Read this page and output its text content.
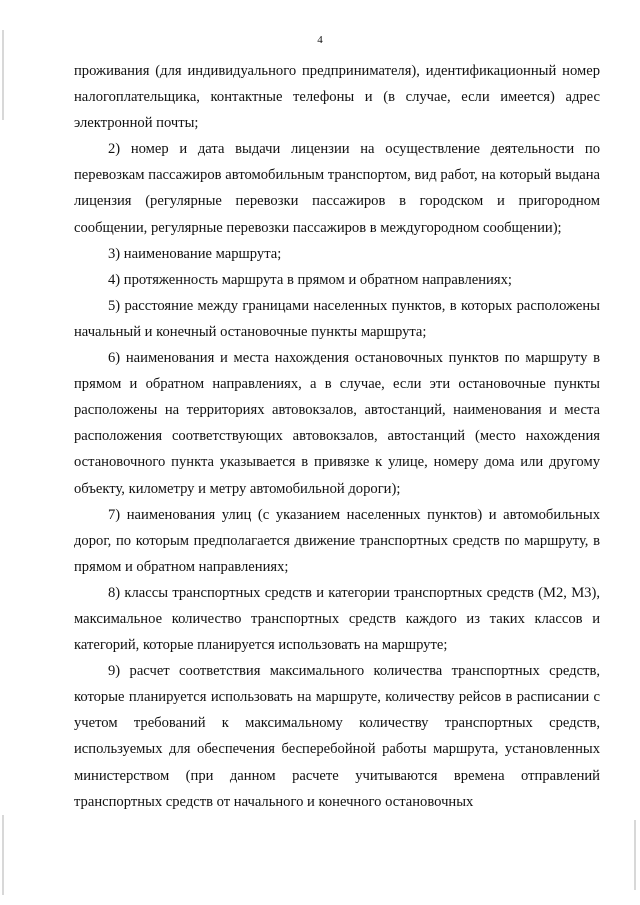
4

проживания (для индивидуального предпринимателя), идентификационный номер налогоплательщика, контактные телефоны и (в случае, если имеется) адрес электронной почты;

2) номер и дата выдачи лицензии на осуществление деятельности по перевозкам пассажиров автомобильным транспортом, вид работ, на который выдана лицензия (регулярные перевозки пассажиров в городском и пригородном сообщении, регулярные перевозки пассажиров в междугородном сообщении);

3) наименование маршрута;

4) протяженность маршрута в прямом и обратном направлениях;

5) расстояние между границами населенных пунктов, в которых расположены начальный и конечный остановочные пункты маршрута;

6) наименования и места нахождения остановочных пунктов по маршруту в прямом и обратном направлениях, а в случае, если эти остановочные пункты расположены на территориях автовокзалов, автостанций, наименования и места расположения соответствующих автовокзалов, автостанций (место нахождения остановочного пункта указывается в привязке к улице, номеру дома или другому объекту, километру и метру автомобильной дороги);

7) наименования улиц (с указанием населенных пунктов) и автомобильных дорог, по которым предполагается движение транспортных средств по маршруту, в прямом и обратном направлениях;

8) классы транспортных средств и категории транспортных средств (М2, М3), максимальное количество транспортных средств каждого из таких классов и категорий, которые планируется использовать на маршруте;

9) расчет соответствия максимального количества транспортных средств, которые планируется использовать на маршруте, количеству рейсов в расписании с учетом требований к максимальному количеству транспортных средств, используемых для обеспечения бесперебойной работы маршрута, установленных министерством (при данном расчете учитываются времена отправлений транспортных средств от начального и конечного остановочных
